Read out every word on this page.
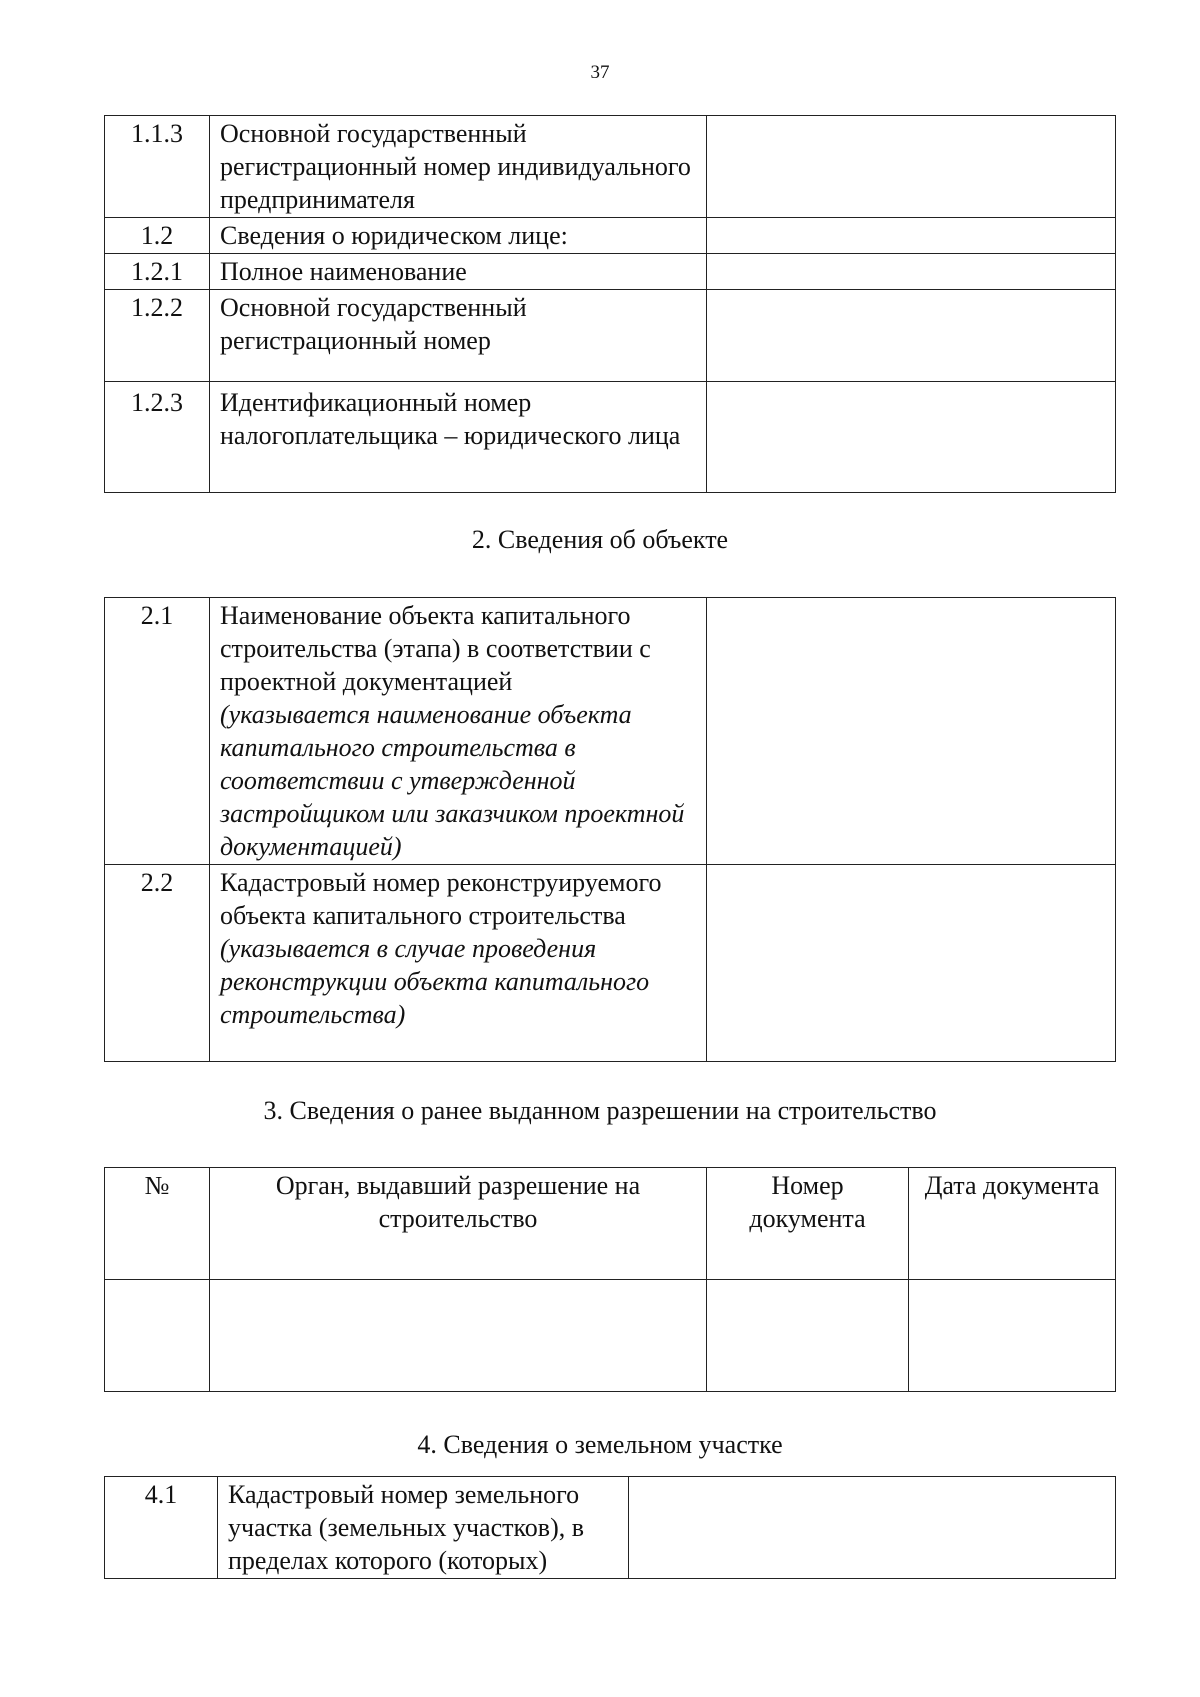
37
1.1.3	Основной государственный регистрационный номер индивидуального предпринимателя	
1.2	Сведения о юридическом лице:	
1.2.1	Полное наименование	
1.2.2	Основной государственный регистрационный номер	
1.2.3	Идентификационный номер налогоплательщика – юридического лица	
2. Сведения об объекте
2.1	Наименование объекта капитального строительства (этапа) в соответствии с проектной документацией
(указывается наименование объекта капитального строительства в соответствии с утвержденной застройщиком или заказчиком проектной документацией)	

2.2	Кадастровый номер реконструируемого объекта капитального строительства
(указывается в случае проведения реконструкции объекта капитального строительства)	

3. Сведения о ранее выданном разрешении на строительство
№	Орган, выдавший разрешение на строительство	Номер документа	Дата документа

4. Сведения о земельном участке
4.1	Кадастровый номер земельного участка (земельных участков), в пределах которого (которых)	
